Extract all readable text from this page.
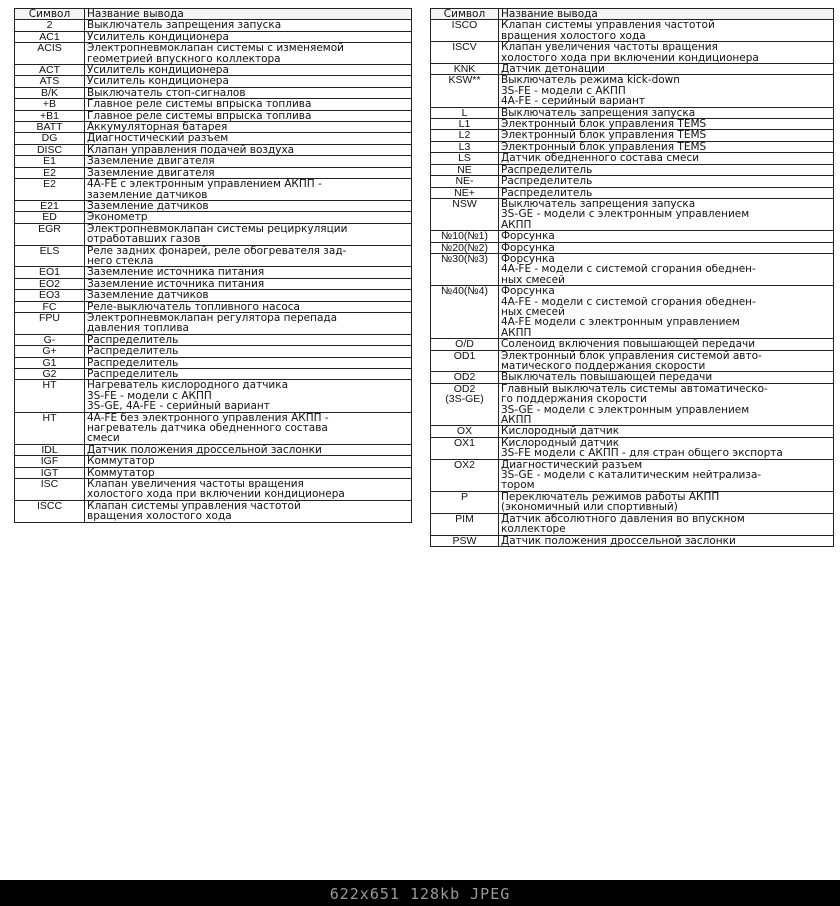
Символ	Название вывода
2	Выключатель запрещения запуска

AC1	Усилитель кондиционера

ACIS	Электропневмоклапан системы с изменяемой
геометрией впускного коллектора

ACT	Усилитель кондиционера

ATS	Усилитель кондиционера

B/K	Выключатель стоп-сигналов

+B	Главное реле системы впрыска топлива

+B1	Главное реле системы впрыска топлива

BATT	Аккумуляторная батарея

DG	Диагностический разъем

DISC	Клапан управления подачей воздуха

E1	Заземление двигателя

E2	Заземление двигателя

E2	4A-FE с электронным управлением АКПП -
заземление датчиков

E21	Заземление датчиков

ED	Эконометр

EGR	Электропневмоклапан системы рециркуляции
отработавших газов

ELS	Реле задних фонарей, реле обогревателя зад-
него стекла

EO1	Заземление источника питания

EO2	Заземление источника питания

EO3	Заземление датчиков

FC	Реле-выключатель топливного насоса

FPU	Электропневмоклапан регулятора перепада
давления топлива

G-	Распределитель

G+	Распределитель

G1	Распределитель

G2	Распределитель

HT	Нагреватель кислородного датчика
3S-FE - модели с АКПП
3S-GE, 4A-FE - серийный вариант

HT	4A-FE без электронного управления АКПП -
нагреватель датчика обедненного состава
смеси

IDL	Датчик положения дроссельной заслонки

IGF	Коммутатор

IGT	Коммутатор

ISC	Клапан увеличения частоты вращения
холостого хода при включении кондиционера

ISCC	Клапан системы управления частотой
вращения холостого хода
Символ	Название вывода
ISCO	Клапан системы управления частотой
вращения холостого хода

ISCV	Клапан увеличения частоты вращения
холостого хода при включении кондиционера

KNK	Датчик детонации

KSW**	Выключатель режима kick-down
3S-FE - модели с АКПП
4A-FE - серийный вариант

L	Выключатель запрещения запуска

L1	Электронный блок управления TEMS

L2	Электронный блок управления TEMS

L3	Электронный блок управления TEMS

LS	Датчик обедненного состава смеси

NE	Распределитель

NE-	Распределитель

NE+	Распределитель

NSW	Выключатель запрещения запуска
3S-GE - модели с электронным управлением
АКПП

№10(№1)	Форсунка

№20(№2)	Форсунка

№30(№3)	Форсунка
4A-FE - модели с системой сгорания обеднен-
ных смесей

№40(№4)	Форсунка
4A-FE - модели с системой сгорания обеднен-
ных смесей
4A-FE модели с электронным управлением
АКПП

O/D	Соленоид включения повышающей передачи

OD1	Электронный блок управления системой авто-
матического поддержания скорости

OD2	Выключатель повышающей передачи

OD2
(3S-GE)	Главный выключатель системы автоматическо-
го поддержания скорости
3S-GE - модели с электронным управлением
АКПП

OX	Кислородный датчик

OX1	Кислородный датчик
3S-FE модели с АКПП - для стран общего экспорта

OX2	Диагностический разъем
3S-GE - модели с каталитическим нейтрализа-
тором

P	Переключатель режимов работы АКПП
(экономичный или спортивный)

PIM	Датчик абсолютного давления во впускном
коллекторе

PSW	Датчик положения дроссельной заслонки
622x651 128kb JPEG
